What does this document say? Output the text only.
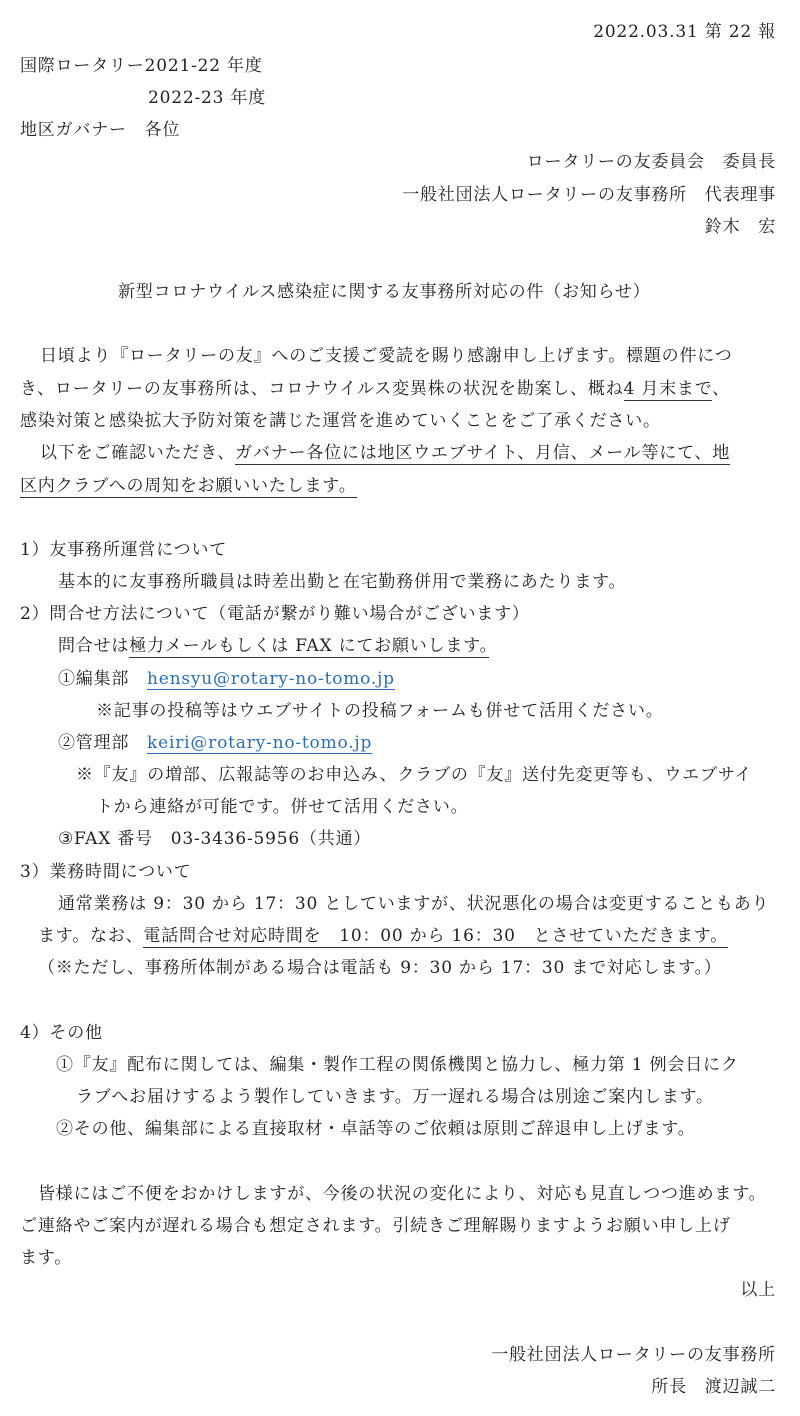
2022.03.31 第 22 報
国際ロータリー2021-22 年度
2022-23 年度
地区ガバナー　各位
ロータリーの友委員会　委員長
一般社団法人ロータリーの友事務所　代表理事
鈴木　宏
新型コロナウイルス感染症に関する友事務所対応の件（お知らせ）
日頃より『ロータリーの友』へのご支援ご愛読を賜り感謝申し上げます。標題の件につ
き、ロータリーの友事務所は、コロナウイルス変異株の状況を勘案し、概ね4 月末まで、
感染対策と感染拡大予防対策を講じた運営を進めていくことをご了承ください。
以下をご確認いただき、ガバナー各位には地区ウエブサイト、月信、メール等にて、地
区内クラブへの周知をお願いいたします。
1）友事務所運営について
基本的に友事務所職員は時差出勤と在宅勤務併用で業務にあたります。
2）問合せ方法について（電話が繋がり難い場合がございます）
問合せは極力メールもしくは FAX にてお願いします。　
①編集部　 hensyu@rotary-no-tomo.jp
※記事の投稿等はウエブサイトの投稿フォームも併せて活用ください。
②管理部　 keiri@rotary-no-tomo.jp
※『友』の増部、広報誌等のお申込み、クラブの『友』送付先変更等も、ウエブサイ
トから連絡が可能です。併せて活用ください。
③FAX 番号　03-3436-5956（共通）
3）業務時間について
通常業務は 9：30 から 17：30 としていますが、状況悪化の場合は変更することもあり
ます。なお、電話問合せ対応時間を　10：00 から 16：30　とさせていただきます。
（※ただし、事務所体制がある場合は電話も 9：30 から 17：30 まで対応します。）
4）その他
①『友』配布に関しては、編集・製作工程の関係機関と協力し、極力第 1 例会日にク
ラブへお届けするよう製作していきます。万一遅れる場合は別途ご案内します。
②その他、編集部による直接取材・卓話等のご依頼は原則ご辞退申し上げます。
皆様にはご不便をおかけしますが、今後の状況の変化により、対応も見直しつつ進めます。
ご連絡やご案内が遅れる場合も想定されます。引続きご理解賜りますようお願い申し上げ
ます。
以上
一般社団法人ロータリーの友事務所
所長　渡辺誠二
